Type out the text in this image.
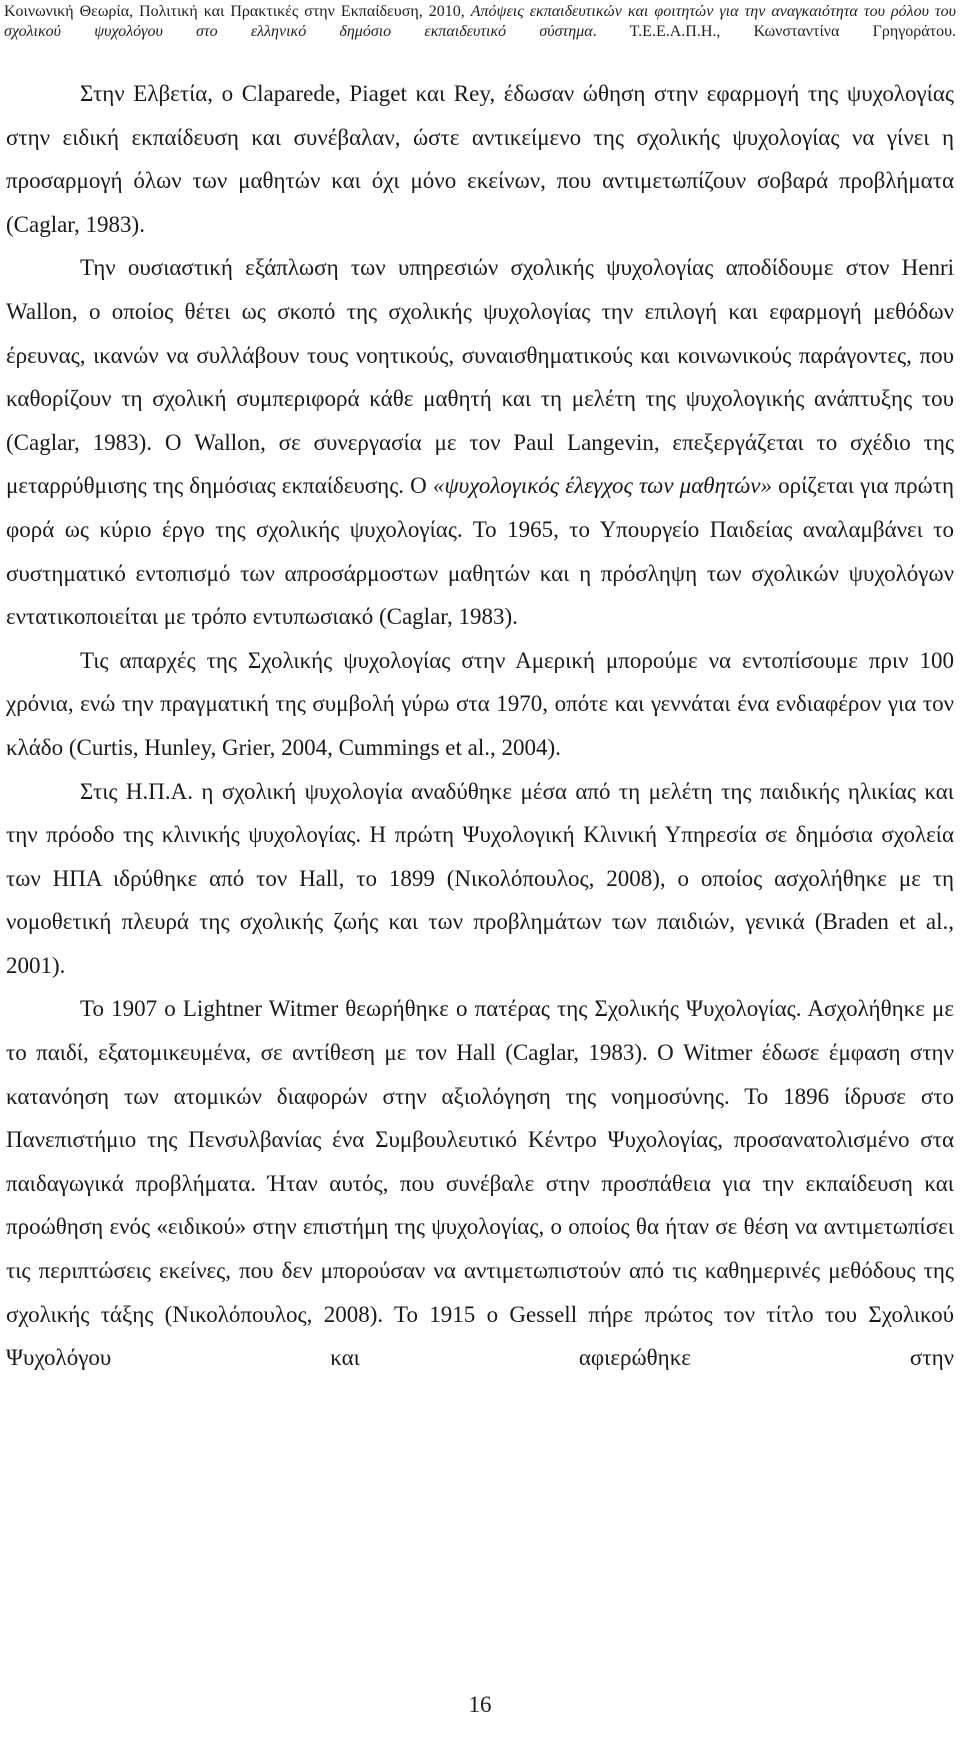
Κοινωνική Θεωρία, Πολιτική και Πρακτικές στην Εκπαίδευση, 2010, Απόψεις εκπαιδευτικών και φοιτητών για την αναγκαιότητα του ρόλου του
σχολικού ψυχολόγου στο ελληνικό δημόσιο εκπαιδευτικό σύστημα. Τ.Ε.Ε.Α.Π.Η., Κωνσταντίνα Γρηγοράτου.

Στην Ελβετία, ο Claparede, Piaget και Rey, έδωσαν ώθηση στην εφαρμογή της ψυχολογίας στην ειδική εκπαίδευση και συνέβαλαν, ώστε αντικείμενο της σχολικής ψυχολογίας να γίνει η προσαρμογή όλων των μαθητών και όχι μόνο εκείνων, που αντιμετωπίζουν σοβαρά προβλήματα (Caglar, 1983).

Την ουσιαστική εξάπλωση των υπηρεσιών σχολικής ψυχολογίας αποδίδουμε στον Henri Wallon, ο οποίος θέτει ως σκοπό της σχολικής ψυχολογίας την επιλογή και εφαρμογή μεθόδων έρευνας, ικανών να συλλάβουν τους νοητικούς, συναισθηματικούς και κοινωνικούς παράγοντες, που καθορίζουν τη σχολική συμπεριφορά κάθε μαθητή και τη μελέτη της ψυχολογικής ανάπτυξης του (Caglar, 1983). Ο Wallon, σε συνεργασία με τον Paul Langevin, επεξεργάζεται το σχέδιο της μεταρρύθμισης της δημόσιας εκπαίδευσης. Ο «ψυχολογικός έλεγχος των μαθητών» ορίζεται για πρώτη φορά ως κύριο έργο της σχολικής ψυχολογίας. Το 1965, το Υπουργείο Παιδείας αναλαμβάνει το συστηματικό εντοπισμό των απροσάρμοστων μαθητών και η πρόσληψη των σχολικών ψυχολόγων εντατικοποιείται με τρόπο εντυπωσιακό (Caglar, 1983).

Τις απαρχές της Σχολικής ψυχολογίας στην Αμερική μπορούμε να εντοπίσουμε πριν 100 χρόνια, ενώ την πραγματική της συμβολή γύρω στα 1970, οπότε και γεννάται ένα ενδιαφέρον για τον κλάδο (Curtis, Hunley, Grier, 2004, Cummings et al., 2004).

Στις Η.Π.Α. η σχολική ψυχολογία αναδύθηκε μέσα από τη μελέτη της παιδικής ηλικίας και την πρόοδο της κλινικής ψυχολογίας. Η πρώτη Ψυχολογική Κλινική Υπηρεσία σε δημόσια σχολεία των ΗΠΑ ιδρύθηκε από τον Hall, το 1899 (Νικολόπουλος, 2008), ο οποίος ασχολήθηκε με τη νομοθετική πλευρά της σχολικής ζωής και των προβλημάτων των παιδιών, γενικά (Braden et al., 2001).

Το 1907 ο Lightner Witmer θεωρήθηκε ο πατέρας της Σχολικής Ψυχολογίας. Ασχολήθηκε με το παιδί, εξατομικευμένα, σε αντίθεση με τον Hall (Caglar, 1983). Ο Witmer έδωσε έμφαση στην κατανόηση των ατομικών διαφορών στην αξιολόγηση της νοημοσύνης. Το 1896 ίδρυσε στο Πανεπιστήμιο της Πενσυλβανίας ένα Συμβουλευτικό Κέντρο Ψυχολογίας, προσανατολισμένο στα παιδαγωγικά προβλήματα. Ήταν αυτός, που συνέβαλε στην προσπάθεια για την εκπαίδευση και προώθηση ενός «ειδικού» στην επιστήμη της ψυχολογίας, ο οποίος θα ήταν σε θέση να αντιμετωπίσει τις περιπτώσεις εκείνες, που δεν μπορούσαν να αντιμετωπιστούν από τις καθημερινές μεθόδους της σχολικής τάξης (Νικολόπουλος, 2008). Το 1915 ο Gessell πήρε πρώτος τον τίτλο του Σχολικού Ψυχολόγου και αφιερώθηκε στην

16
